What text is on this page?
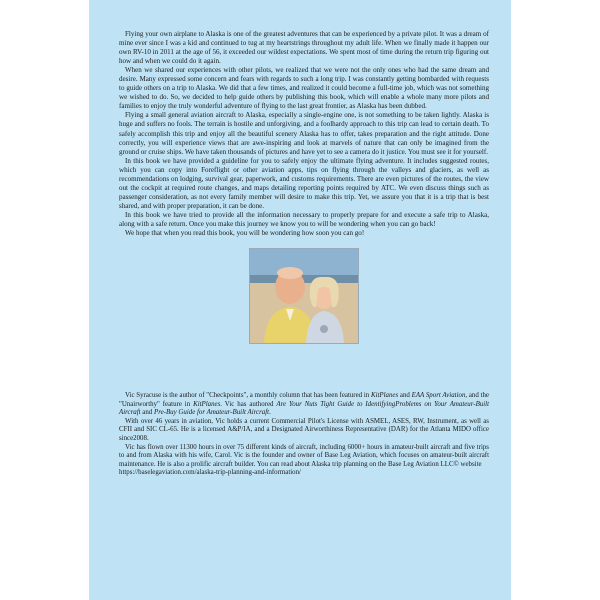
Flying your own airplane to Alaska is one of the greatest adventures that can be experienced by a private pilot. It was a dream of mine ever since I was a kid and continued to tug at my heartstrings throughout my adult life. When we finally made it happen our own RV-10 in 2011 at the age of 56, it exceeded our wildest expectations. We spent most of time during the return trip figuring out how and when we could do it again.

When we shared our experiences with other pilots, we realized that we were not the only ones who had the same dream and desire. Many expressed some concern and fears with regards to such a long trip. I was constantly getting bombarded with requests to guide others on a trip to Alaska. We did that a few times, and realized it could become a full-time job, which was not something we wished to do. So, we decided to help guide others by publishing this book, which will enable a whole many more pilots and families to enjoy the truly wonderful adventure of flying to the last great frontier, as Alaska has been dubbed.

Flying a small general aviation aircraft to Alaska, especially a single-engine one, is not something to be taken lightly. Alaska is huge and suffers no fools. The terrain is hostile and unforgiving, and a foolhardy approach to this trip can lead to certain death. To safely accomplish this trip and enjoy all the beautiful scenery Alaska has to offer, takes preparation and the right attitude. Done correctly, you will experience views that are awe-inspiring and look at marvels of nature that can only be imagined from the ground or cruise ships. We have taken thousands of pictures and have yet to see a camera do it justice. You must see it for yourself.

In this book we have provided a guideline for you to safely enjoy the ultimate flying adventure. It includes suggested routes, which you can copy into Foreflight or other aviation apps, tips on flying through the valleys and glaciers, as well as recommendations on lodging, survival gear, paperwork, and customs requirements. There are even pictures of the routes, the view out the cockpit at required route changes, and maps detailing reporting points required by ATC. We even discuss things such as passenger consideration, as not every family member will desire to make this trip. Yet, we assure you that it is a trip that is best shared, and with proper preparation, it can be done.

In this book we have tried to provide all the information necessary to properly prepare for and execute a safe trip to Alaska, along with a safe return. Once you make this journey we know you to will be wondering when you can go back!

We hope that when you read this book, you will be wondering how soon you can go!

Vic Syracuse is the author of "Checkpoints", a monthly column that has been featured in KitPlanes and EAA Sport Aviation, and the "Unairworthy" feature in KitPlanes. Vic has authored Are Your Nuts Tight Guide to IdentifyingProblems on Your Amateur-Built Aircraft and Pre-Buy Guide for Amateur-Built Aircraft.

With over 46 years in aviation, Vic holds a current Commercial Pilot's License with ASMEL, ASES, RW, Instrument, as well as CFII and SIC CL-65. He is a licensed A&P/IA, and a Designated Airworthiness Representative (DAR) for the Atlanta MIDO office since2008.

Vic has flown over 11300 hours in over 75 different kinds of aircraft, including 6000+ hours in amateur-built aircraft and five trips to and from Alaska with his wife, Carol. Vic is the founder and owner of Base Leg Aviation, which focuses on amateur-built aircraft maintenance. He is also a prolific aircraft builder. You can read about Alaska trip planning on the Base Leg Aviation LLC© website

https://baselegaviation.com/alaska-trip-planning-and-information/
